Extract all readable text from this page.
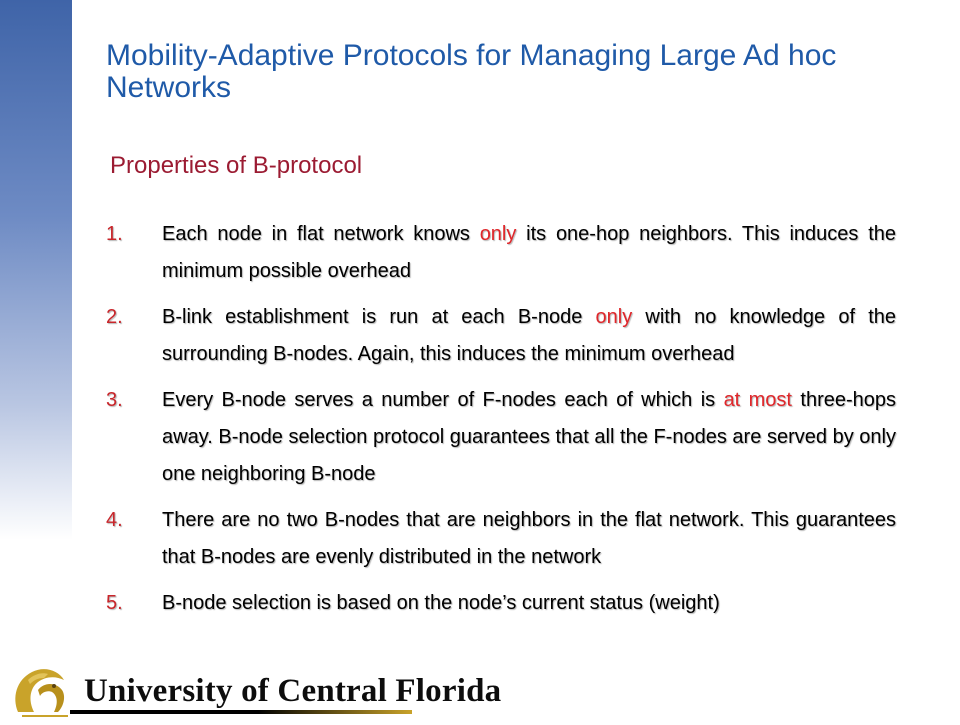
Mobility-Adaptive Protocols for Managing Large Ad hoc Networks
Properties of B-protocol
1. Each node in flat network knows only its one-hop neighbors. This induces the minimum possible overhead
2. B-link establishment is run at each B-node only with no knowledge of the surrounding B-nodes. Again, this induces the minimum overhead
3. Every B-node serves a number of F-nodes each of which is at most three-hops away. B-node selection protocol guarantees that all the F-nodes are served by only one neighboring B-node
4. There are no two B-nodes that are neighbors in the flat network. This guarantees that B-nodes are evenly distributed in the network
5. B-node selection is based on the node’s current status (weight)
University of Central Florida
